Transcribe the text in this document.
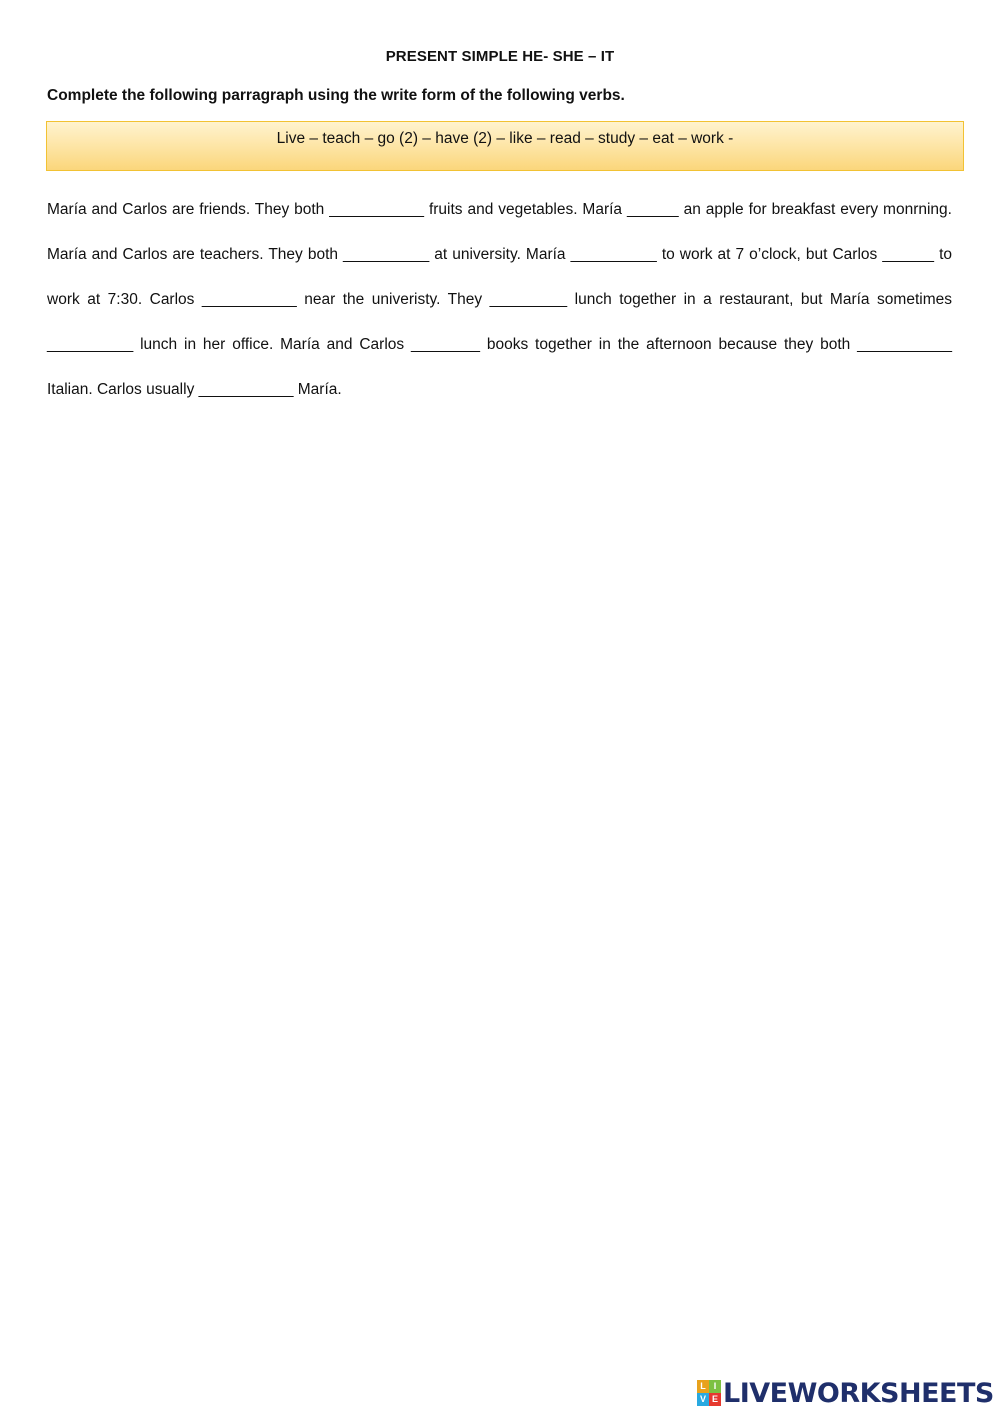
PRESENT SIMPLE HE- SHE – IT
Complete the following parragraph using the write form of the following verbs.
Live – teach – go (2) – have (2) – like – read – study – eat – work -

María and Carlos are friends. They both ___________ fruits and vegetables. María ______ an apple for breakfast every monrning. María and Carlos are teachers. They both __________ at university. María __________ to work at 7 o’clock, but Carlos ______ to work at 7:30. Carlos ___________ near the univeristy. They _________ lunch together in a restaurant, but María sometimes __________ lunch in her office. María and Carlos ________ books together in the afternoon because they both ___________ Italian. Carlos usually ___________ María.

L I
V E LIVEWORKSHEETS
